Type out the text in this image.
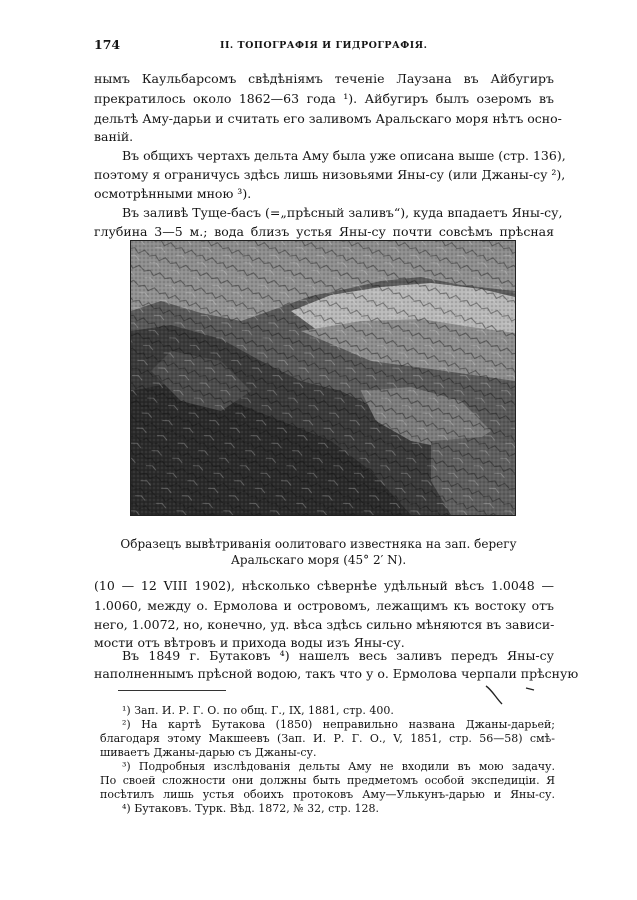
174	II. ТОПОГРАФІЯ И ГИДРОГРАФІЯ.

нымъ Каульбарсомъ свѣдѣніямъ теченіе Лаузана въ Айбугиръ

прекратилось около 1862—63 года ¹). Айбугиръ былъ озеромъ въ

дельтѣ Аму-дарьи и считать его заливомъ Аральскаго моря нѣтъ осно-

ваній.

Въ общихъ чертахъ дельта Аму была уже описана выше (стр. 136),

поэтому я ограничусь здѣсь лишь низовьями Яны-су (или Джаны-су ²),

осмотрѣнными мною ³).

Въ заливѣ Туще-басъ (=„прѣсный заливъ“), куда впадаетъ Яны-су,

глубина 3—5 м.; вода близъ устья Яны-су почти совсѣмъ прѣсная

Образецъ вывѣтриванія оолитоваго известняка на зап. берегу

Аральскаго моря (45° 2′ N).

(10 — 12 VIII 1902), нѣсколько сѣвернѣе удѣльный вѣсъ 1.0048 —

1.0060, между о. Ермолова и островомъ, лежащимъ къ востоку отъ

него, 1.0072, но, конечно, уд. вѣса здѣсь сильно мѣняются въ зависи-

мости отъ вѣтровъ и прихода воды изъ Яны-су.

Въ 1849 г. Бутаковъ ⁴) нашелъ весь заливъ передъ Яны-су

наполненнымъ прѣсной водою, такъ что у о. Ермолова черпали прѣсную

¹) Зап. И. Р. Г. О. по общ. Г., IX, 1881, стр. 400.

²) На картѣ Бутакова (1850) неправильно названа Джаны-дарьей;

благодаря этому Макшеевъ (Зап. И. Р. Г. О., V, 1851, стр. 56—58) смѣ-

шиваетъ Джаны-дарью съ Джаны-су.

³) Подробныя изслѣдованія дельты Аму не входили въ мою задачу.

По своей сложности они должны быть предметомъ особой экспедиціи. Я

посѣтилъ лишь устья обоихъ протоковъ Аму—Улькунъ-дарью и Яны-су.

⁴) Бутаковъ. Турк. Вѣд. 1872, № 32, стр. 128.
